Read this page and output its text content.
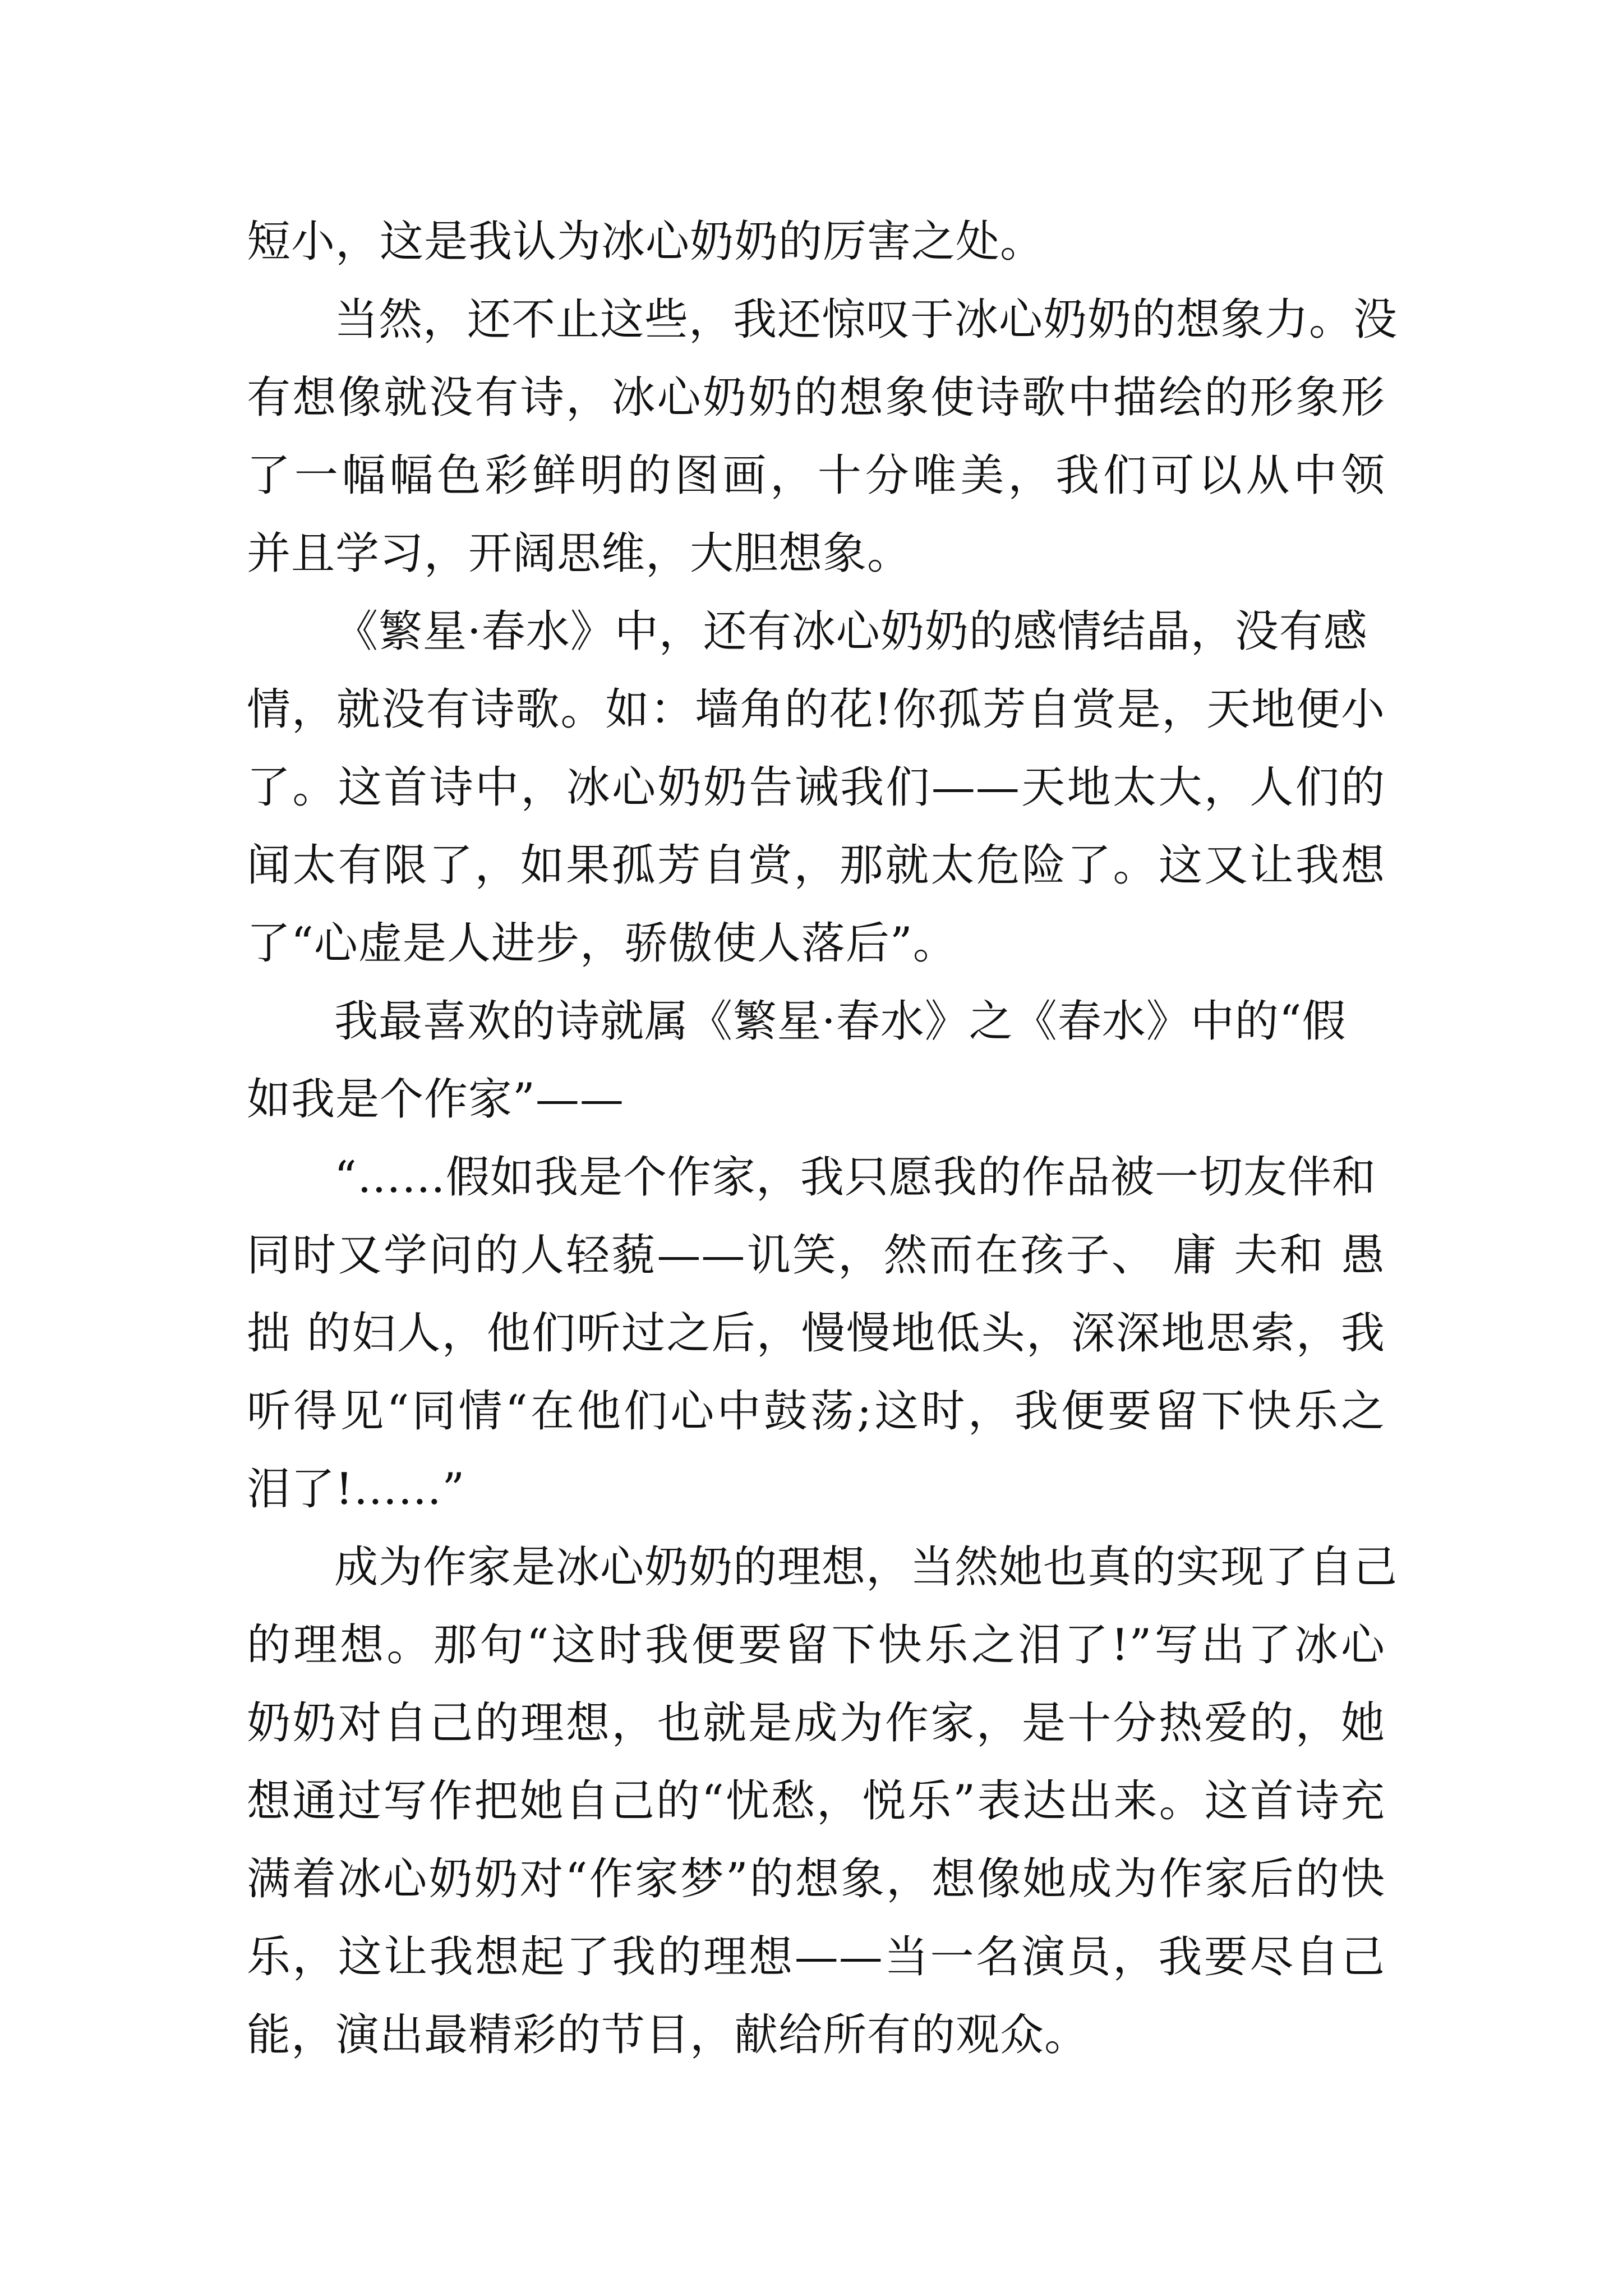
短小，这是我认为冰心奶奶的厉害之处。
当然，还不止这些，我还惊叹于冰心奶奶的想象力。没
有想像就没有诗，冰心奶奶的想象使诗歌中描绘的形象形
了一幅幅色彩鲜明的图画，十分唯美，我们可以从中领
并且学习，开阔思维，大胆想象。
《繁星·春水》中，还有冰心奶奶的感情结晶，没有感
情，就没有诗歌。如：墙角的花!你孤芳自赏是，天地便小
了。这首诗中，冰心奶奶告诫我们——天地太大，人们的
闻太有限了，如果孤芳自赏，那就太危险了。这又让我想
了“心虚是人进步，骄傲使人落后”。
我最喜欢的诗就属《繁星·春水》之《春水》中的“假
如我是个作家”——
“……假如我是个作家，我只愿我的作品被一切友伴和
同时又学问的人轻藐——讥笑，然而在孩子、 庸 夫和 愚
拙 的妇人，他们听过之后，慢慢地低头，深深地思索，我
听得见“同情“在他们心中鼓荡;这时，我便要留下快乐之
泪了!……”
成为作家是冰心奶奶的理想，当然她也真的实现了自己
的理想。那句“这时我便要留下快乐之泪了!”写出了冰心
奶奶对自己的理想，也就是成为作家，是十分热爱的，她
想通过写作把她自己的“忧愁，悦乐”表达出来。这首诗充
满着冰心奶奶对“作家梦”的想象，想像她成为作家后的快
乐，这让我想起了我的理想——当一名演员，我要尽自己
能，演出最精彩的节目，献给所有的观众。
